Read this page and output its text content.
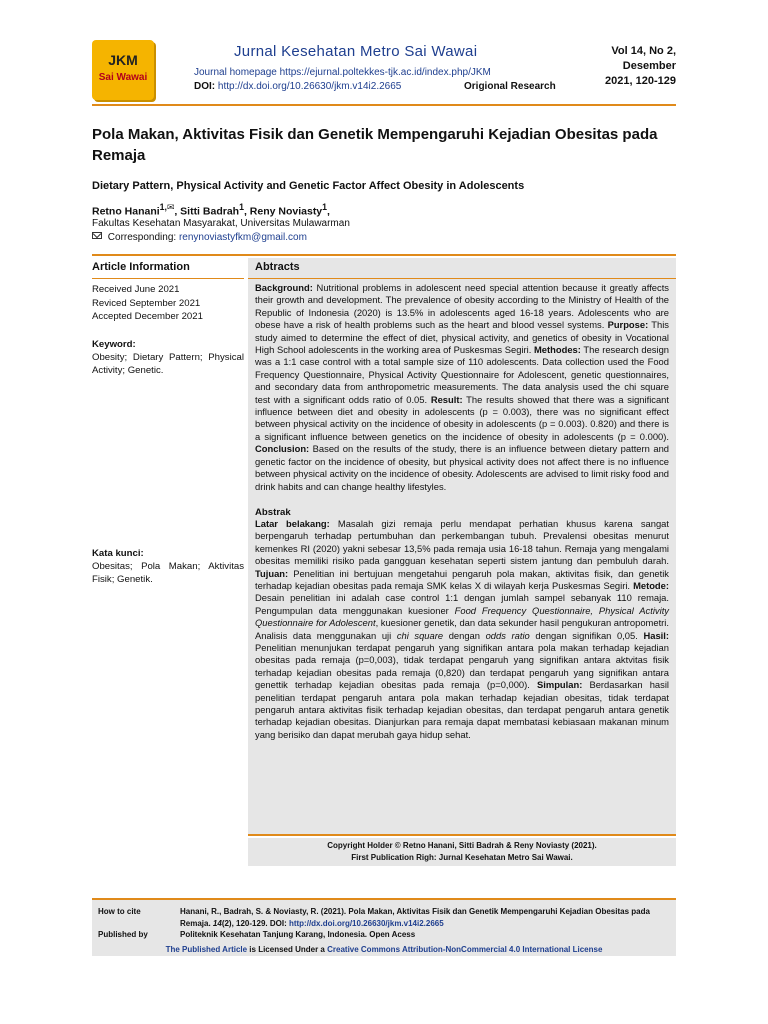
JKM
Sai Wawai
Jurnal Kesehatan Metro Sai Wawai
Journal homepage https://ejurnal.poltekkes-tjk.ac.id/index.php/JKM
DOI: http://dx.doi.org/10.26630/jkm.v14i2.2665	Origional Research
Vol 14, No 2,
Desember
2021, 120-129
Pola Makan, Aktivitas Fisik dan Genetik Mempengaruhi Kejadian Obesitas pada Remaja
Dietary Pattern, Physical Activity and Genetic Factor Affect Obesity in Adolescents
Retno Hanani$^{1,✉}$, Sitti Badrah$^1$, Reny Noviasty$^1$,
Fakultas Kesehatan Masyarakat, Universitas Mulawarman
Corresponding: renynoviastyfkm@gmail.com
Article Information
Received June 2021
Reviced September 2021
Accepted December 2021
Keyword:
Obesity; Dietary Pattern; Physical Activity; Genetic.
Kata kunci:
Obesitas; Pola Makan; Aktivitas Fisik; Genetik.
Abtracts
Background: Nutritional problems in adolescent need special attention because it greatly affects their growth and development. The prevalence of obesity according to the Ministry of Health of the Republic of Indonesia (2020) is 13.5% in adolescents aged 16-18 years. Adolescents who are obese have a risk of health problems such as the heart and blood vessel systems. Purpose: This study aimed to determine the effect of diet, physical activity, and genetics of obesity in Vocational High School adolescents in the working area of Puskesmas Segiri. Methodes: The research design was a 1:1 case control with a total sample size of 110 adolescents. Data collection used the Food Frequency Questionnaire, Physical Activity Questionnaire for Adolescent, genetic questionnaires, and secondary data from anthropometric measurements. The data analysis used the chi square test with a significant odds ratio of 0.05. Result: The results showed that there was a significant influence between diet and obesity in adolescents (p = 0.003), there was no significant effect between physical activity on the incidence of obesity in adolescents (p = 0.003). 0.820) and there is a significant influence between genetics on the incidence of obesity in adolescents (p = 0.000). Conclusion: Based on the results of the study, there is an influence between dietary pattern and genetic factor on the incidence of obesity, but physical activity does not affect there is no influence between physical activity on the incidence of obesity. Adolescents are advised to limit risky food and drink habits and can change healthy lifestyles.
Abstrak
Latar belakang: Masalah gizi remaja perlu mendapat perhatian khusus karena sangat berpengaruh terhadap pertumbuhan dan perkembangan tubuh. Prevalensi obesitas menurut kemenkes RI (2020) yakni sebesar 13,5% pada remaja usia 16-18 tahun. Remaja yang mengalami obesitas memiliki risiko pada gangguan kesehatan seperti sistem jantung dan pembuluh darah. Tujuan: Penelitian ini bertujuan mengetahui pengaruh pola makan, aktivitas fisik, dan genetik terhadap kejadian obesitas pada remaja SMK kelas X di wilayah kerja Puskesmas Segiri. Metode: Desain penelitian ini adalah case control 1:1 dengan jumlah sampel sebanyak 110 remaja. Pengumpulan data menggunakan kuesioner Food Frequency Questionnaire, Physical Activity Questionnaire for Adolescent, kuesioner genetik, dan data sekunder hasil pengukuran antropometri. Analisis data menggunakan uji chi square dengan odds ratio dengan signifikan 0,05. Hasil: Penelitian menunjukan terdapat pengaruh yang signifikan antara pola makan terhadap kejadian obesitas pada remaja (p=0,003), tidak terdapat pengaruh yang signifikan antara aktvitas fisik terhadap kejadian obesitas pada remaja (0,820) dan terdapat pengaruh yang signifikan antara genettik terhadap kejadian obesitas pada remaja (p=0,000). Simpulan: Berdasarkan hasil penelitian terdapat pengaruh antara pola makan terhadap kejadian obesitas, tidak terdapat pengaruh antara aktivitas fisik terhadap kejadian obesitas, dan terdapat pengaruh antara genetik terhadap kejadian obesitas. Dianjurkan para remaja dapat membatasi kebiasaan makanan minum yang berisiko dan dapat merubah gaya hidup sehat.
Copyright Holder © Retno Hanani, Sitti Badrah & Reny Noviasty (2021).
First Publication Righ: Jurnal Kesehatan Metro Sai Wawai.
How to cite	Hanani, R., Badrah, S. & Noviasty, R. (2021). Pola Makan, Aktivitas Fisik dan Genetik Mempengaruhi Kejadian Obesitas pada Remaja. 14(2), 120-129. DOI: http://dx.doi.org/10.26630/jkm.v14i2.2665
Published by	Politeknik Kesehatan Tanjung Karang, Indonesia. Open Acess
The Published Article is Licensed Under a Creative Commons Attribution-NonCommercial 4.0 International License
